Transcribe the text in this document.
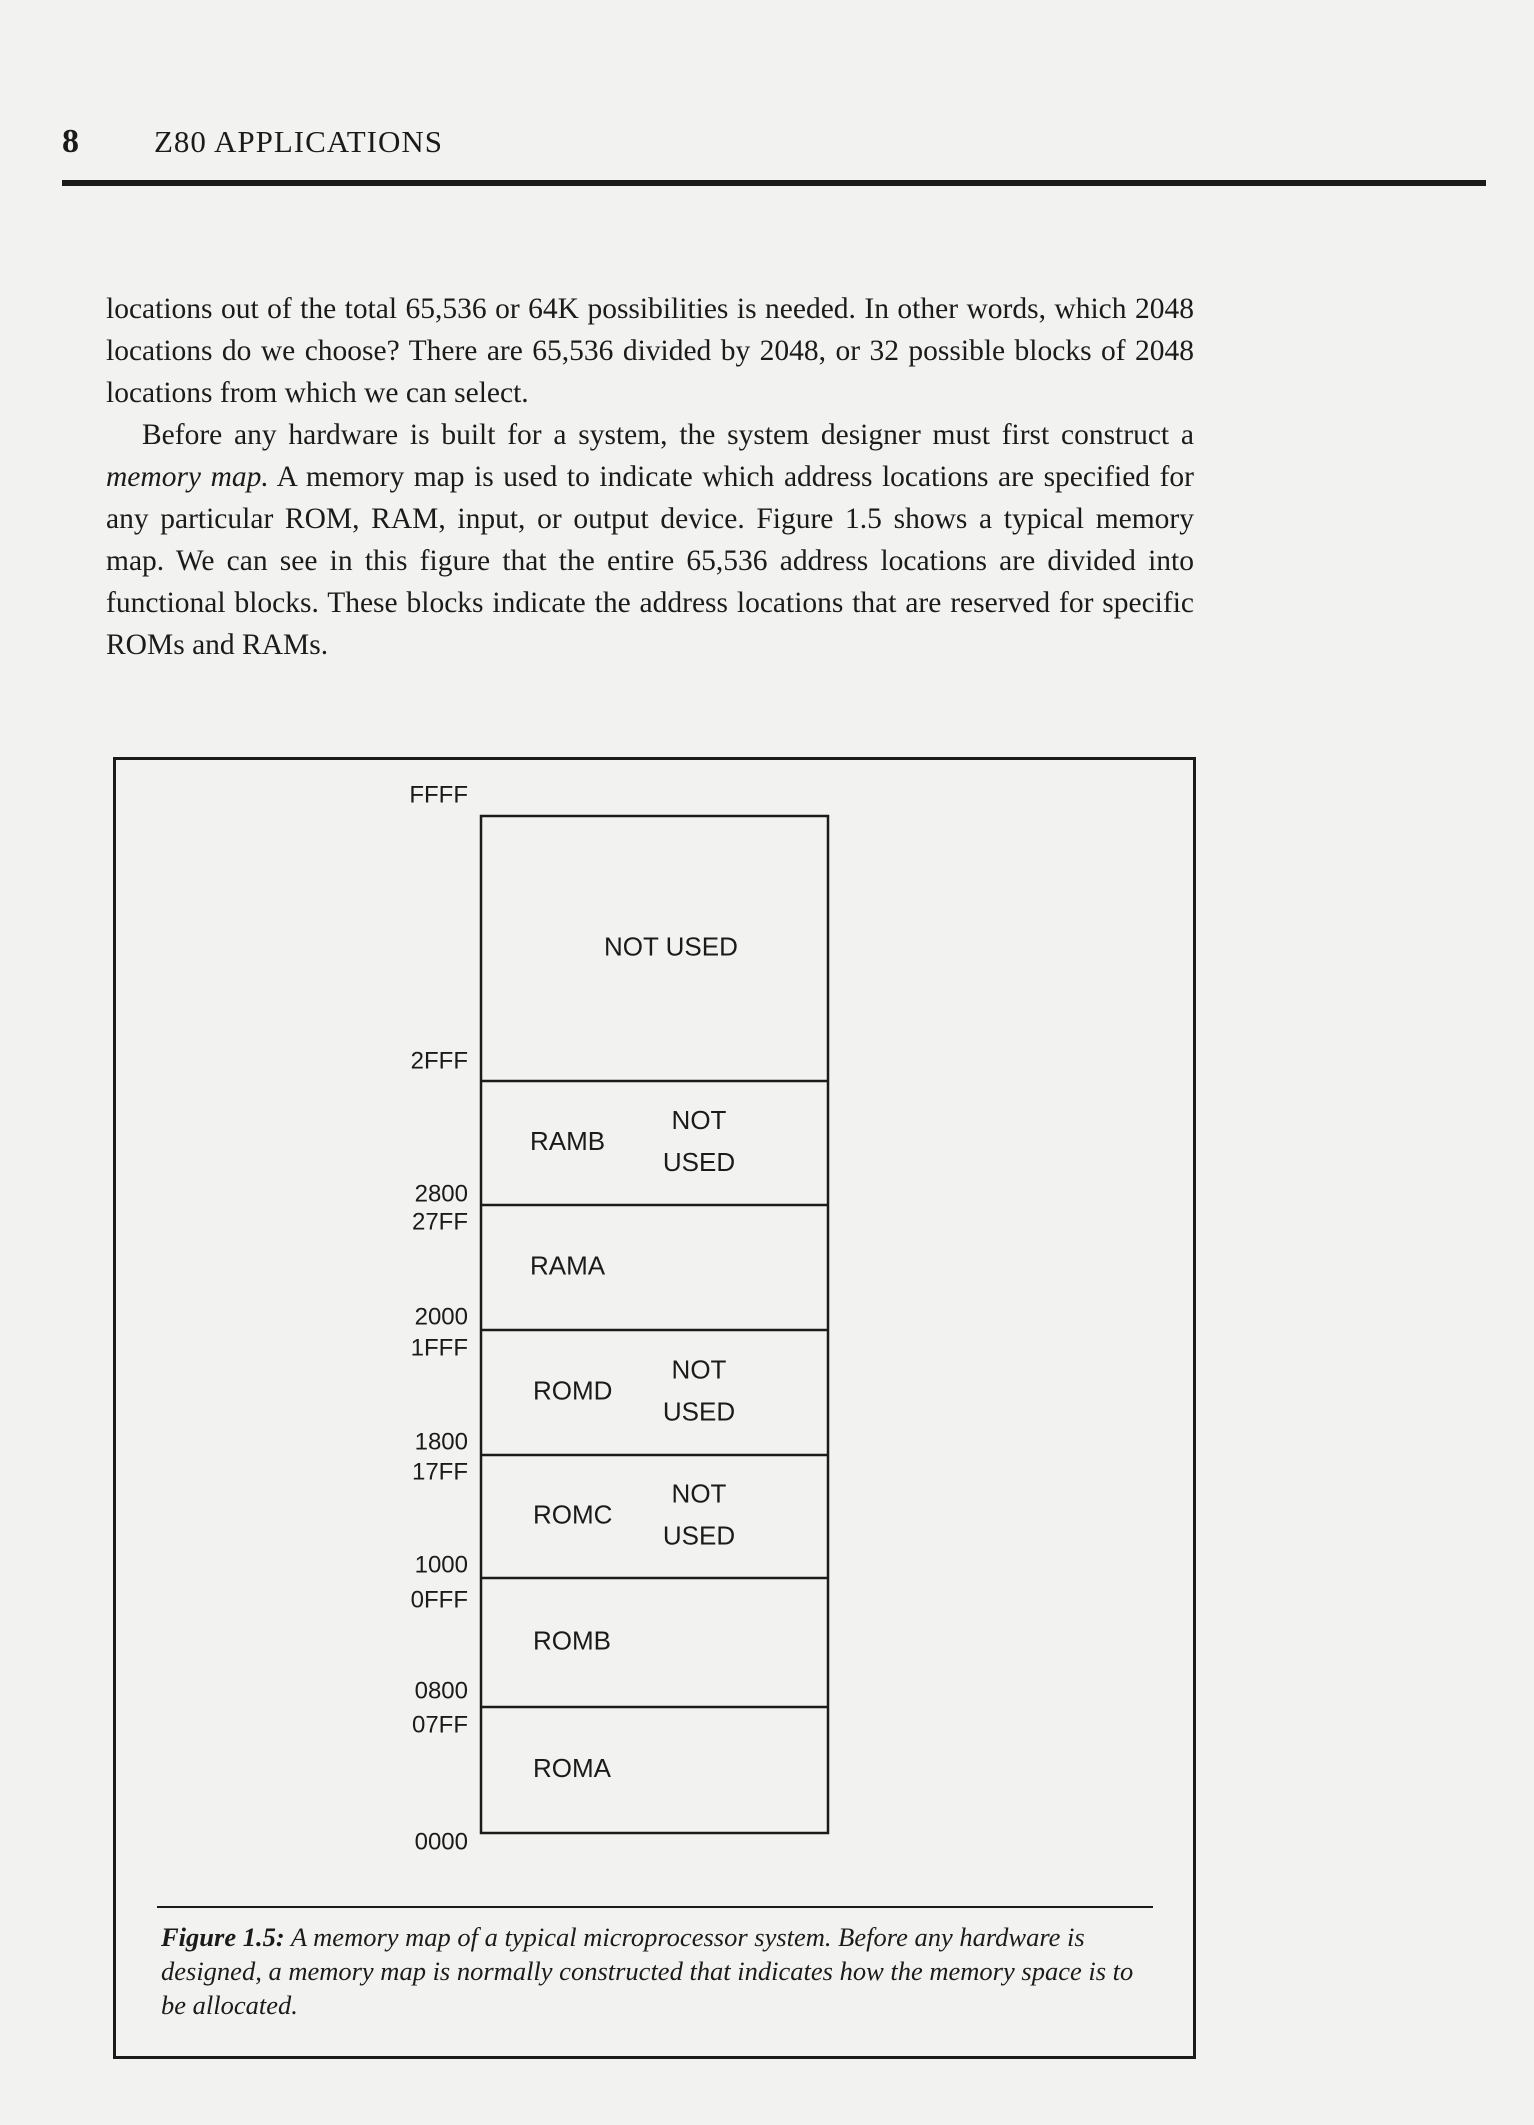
8 Z80 APPLICATIONS

locations out of the total 65,536 or 64K possibilities is needed. In other words, which 2048 locations do we choose? There are 65,536 divided by 2048, or 32 possible blocks of 2048 locations from which we can select.

Before any hardware is built for a system, the system designer must first construct a memory map. A memory map is used to indicate which address locations are specified for any particular ROM, RAM, input, or output device. Figure 1.5 shows a typical memory map. We can see in this figure that the entire 65,536 address locations are divided into functional blocks. These blocks indicate the address locations that are reserved for specific ROMs and RAMs.

FFFF
2FFF
2800
27FF
2000
1FFF
1800
17FF
1000
0FFF
0800
07FF
0000
NOT USED
RAMB
NOT
USED
RAMA
ROMD
NOT
USED
ROMC
NOT
USED
ROMB
ROMA
Figure 1.5: A memory map of a typical microprocessor system. Before any hardware is designed, a memory map is normally constructed that indicates how the memory space is to be allocated.
